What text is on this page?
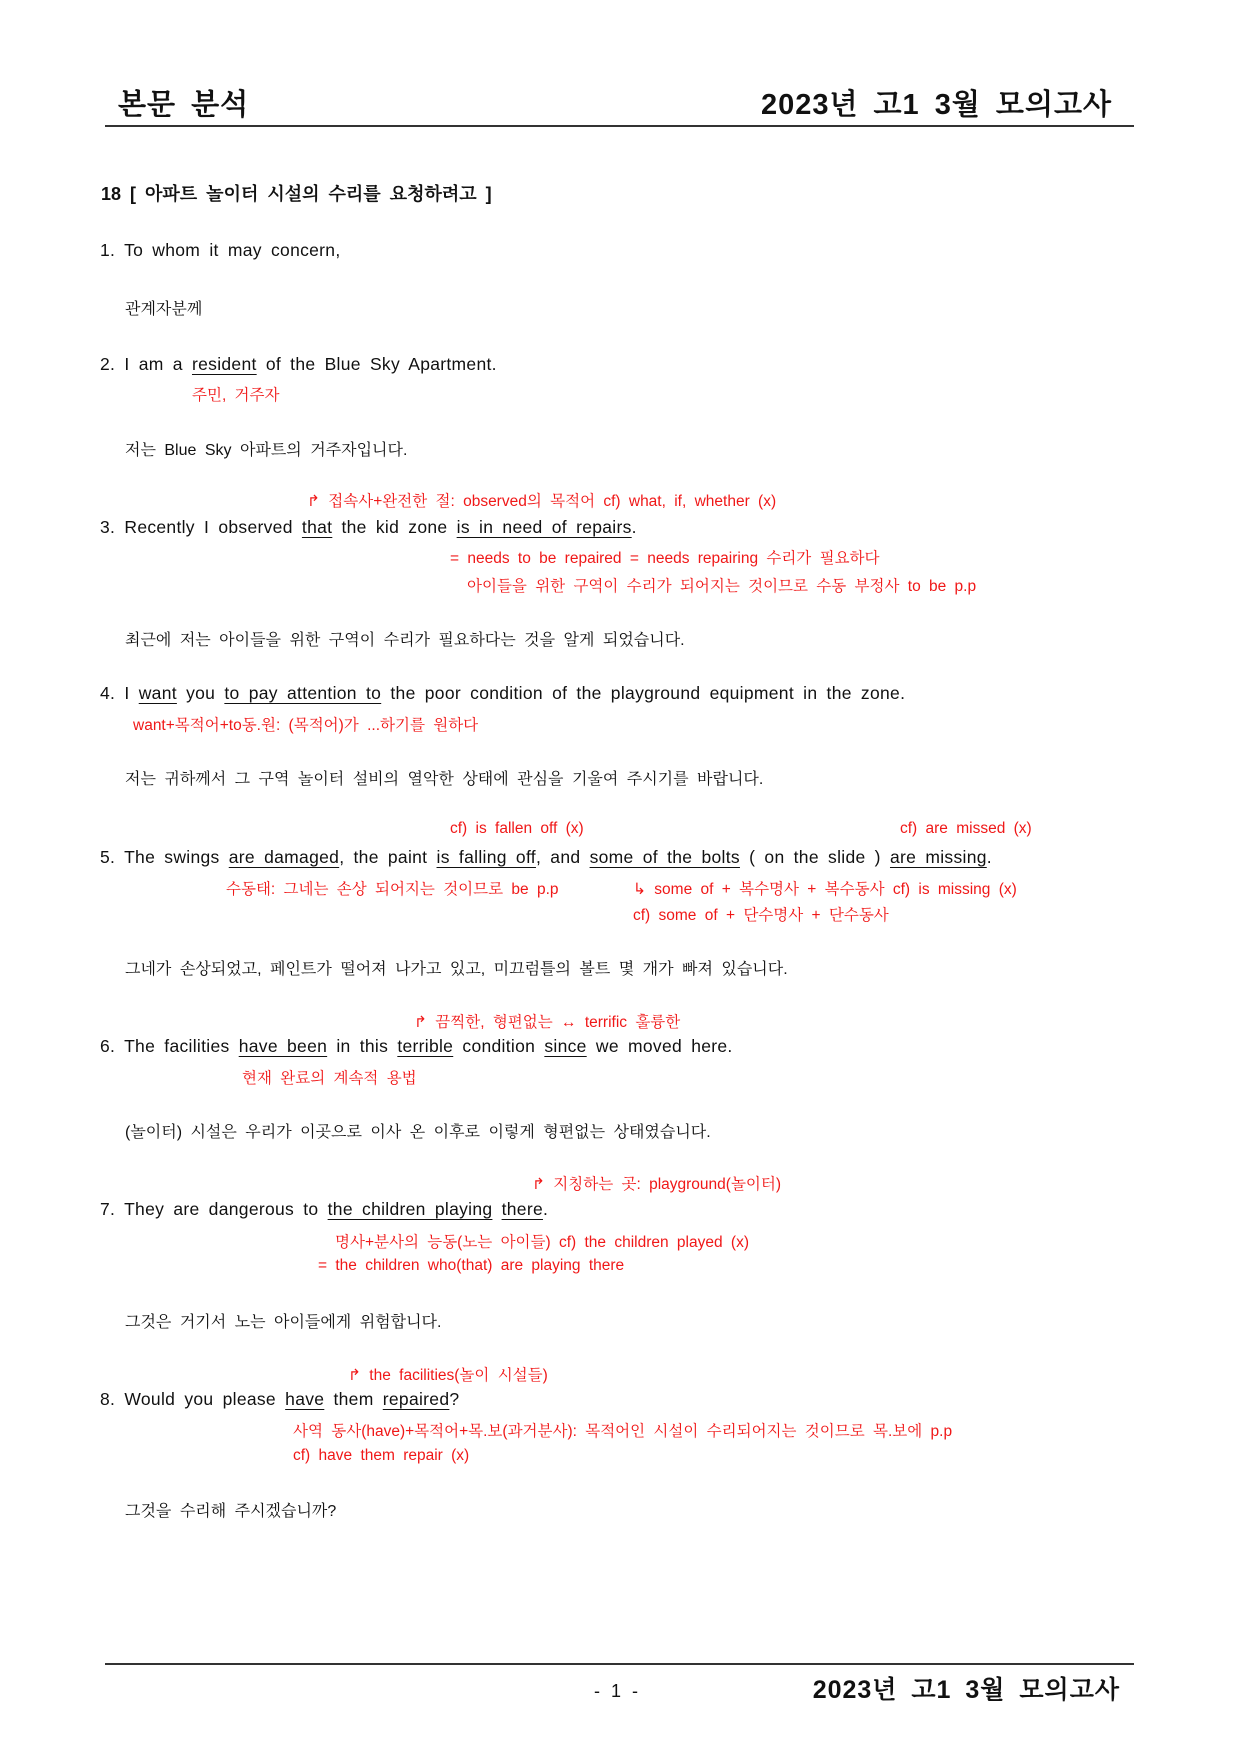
본문 분석	2023년 고1 3월 모의고사
18 [ 아파트 놀이터 시설의 수리를 요청하려고 ]
1. To whom it may concern,
관계자분께
2. I am a resident of the Blue Sky Apartment.
주민, 거주자
저는 Blue Sky 아파트의 거주자입니다.
↱ 접속사+완전한 절: observed의 목적어 cf) what, if, whether (x)
3. Recently I observed that the kid zone is in need of repairs.
= needs to be repaired = needs repairing 수리가 필요하다
아이들을 위한 구역이 수리가 되어지는 것이므로 수동 부정사 to be p.p
최근에 저는 아이들을 위한 구역이 수리가 필요하다는 것을 알게 되었습니다.
4. I want you to pay attention to the poor condition of the playground equipment in the zone.
want+목적어+to동.원: (목적어)가 ...하기를 원하다
저는 귀하께서 그 구역 놀이터 설비의 열악한 상태에 관심을 기울여 주시기를 바랍니다.
cf) is fallen off (x)	cf) are missed (x)
5. The swings are damaged, the paint is falling off, and some of the bolts ( on the slide ) are missing.
수동태: 그네는 손상 되어지는 것이므로 be p.p	↳ some of + 복수명사 + 복수동사 cf) is missing (x)
cf) some of + 단수명사 + 단수동사
그네가 손상되었고, 페인트가 떨어져 나가고 있고, 미끄럼틀의 볼트 몇 개가 빠져 있습니다.
↱ 끔찍한, 형편없는 ↔ terrific 훌륭한
6. The facilities have been in this terrible condition since we moved here.
현재 완료의 계속적 용법
(놀이터) 시설은 우리가 이곳으로 이사 온 이후로 이렇게 형편없는 상태였습니다.
↱ 지칭하는 곳: playground(놀이터)
7. They are dangerous to the children playing there.
명사+분사의 능동(노는 아이들) cf) the children played (x)
= the children who(that) are playing there
그것은 거기서 노는 아이들에게 위험합니다.
↱ the facilities(놀이 시설들)
8. Would you please have them repaired?
사역 동사(have)+목적어+목.보(과거분사): 목적어인 시설이 수리되어지는 것이므로 목.보에 p.p
cf) have them repair (x)
그것을 수리해 주시겠습니까?
- 1 -	2023년 고1 3월 모의고사
